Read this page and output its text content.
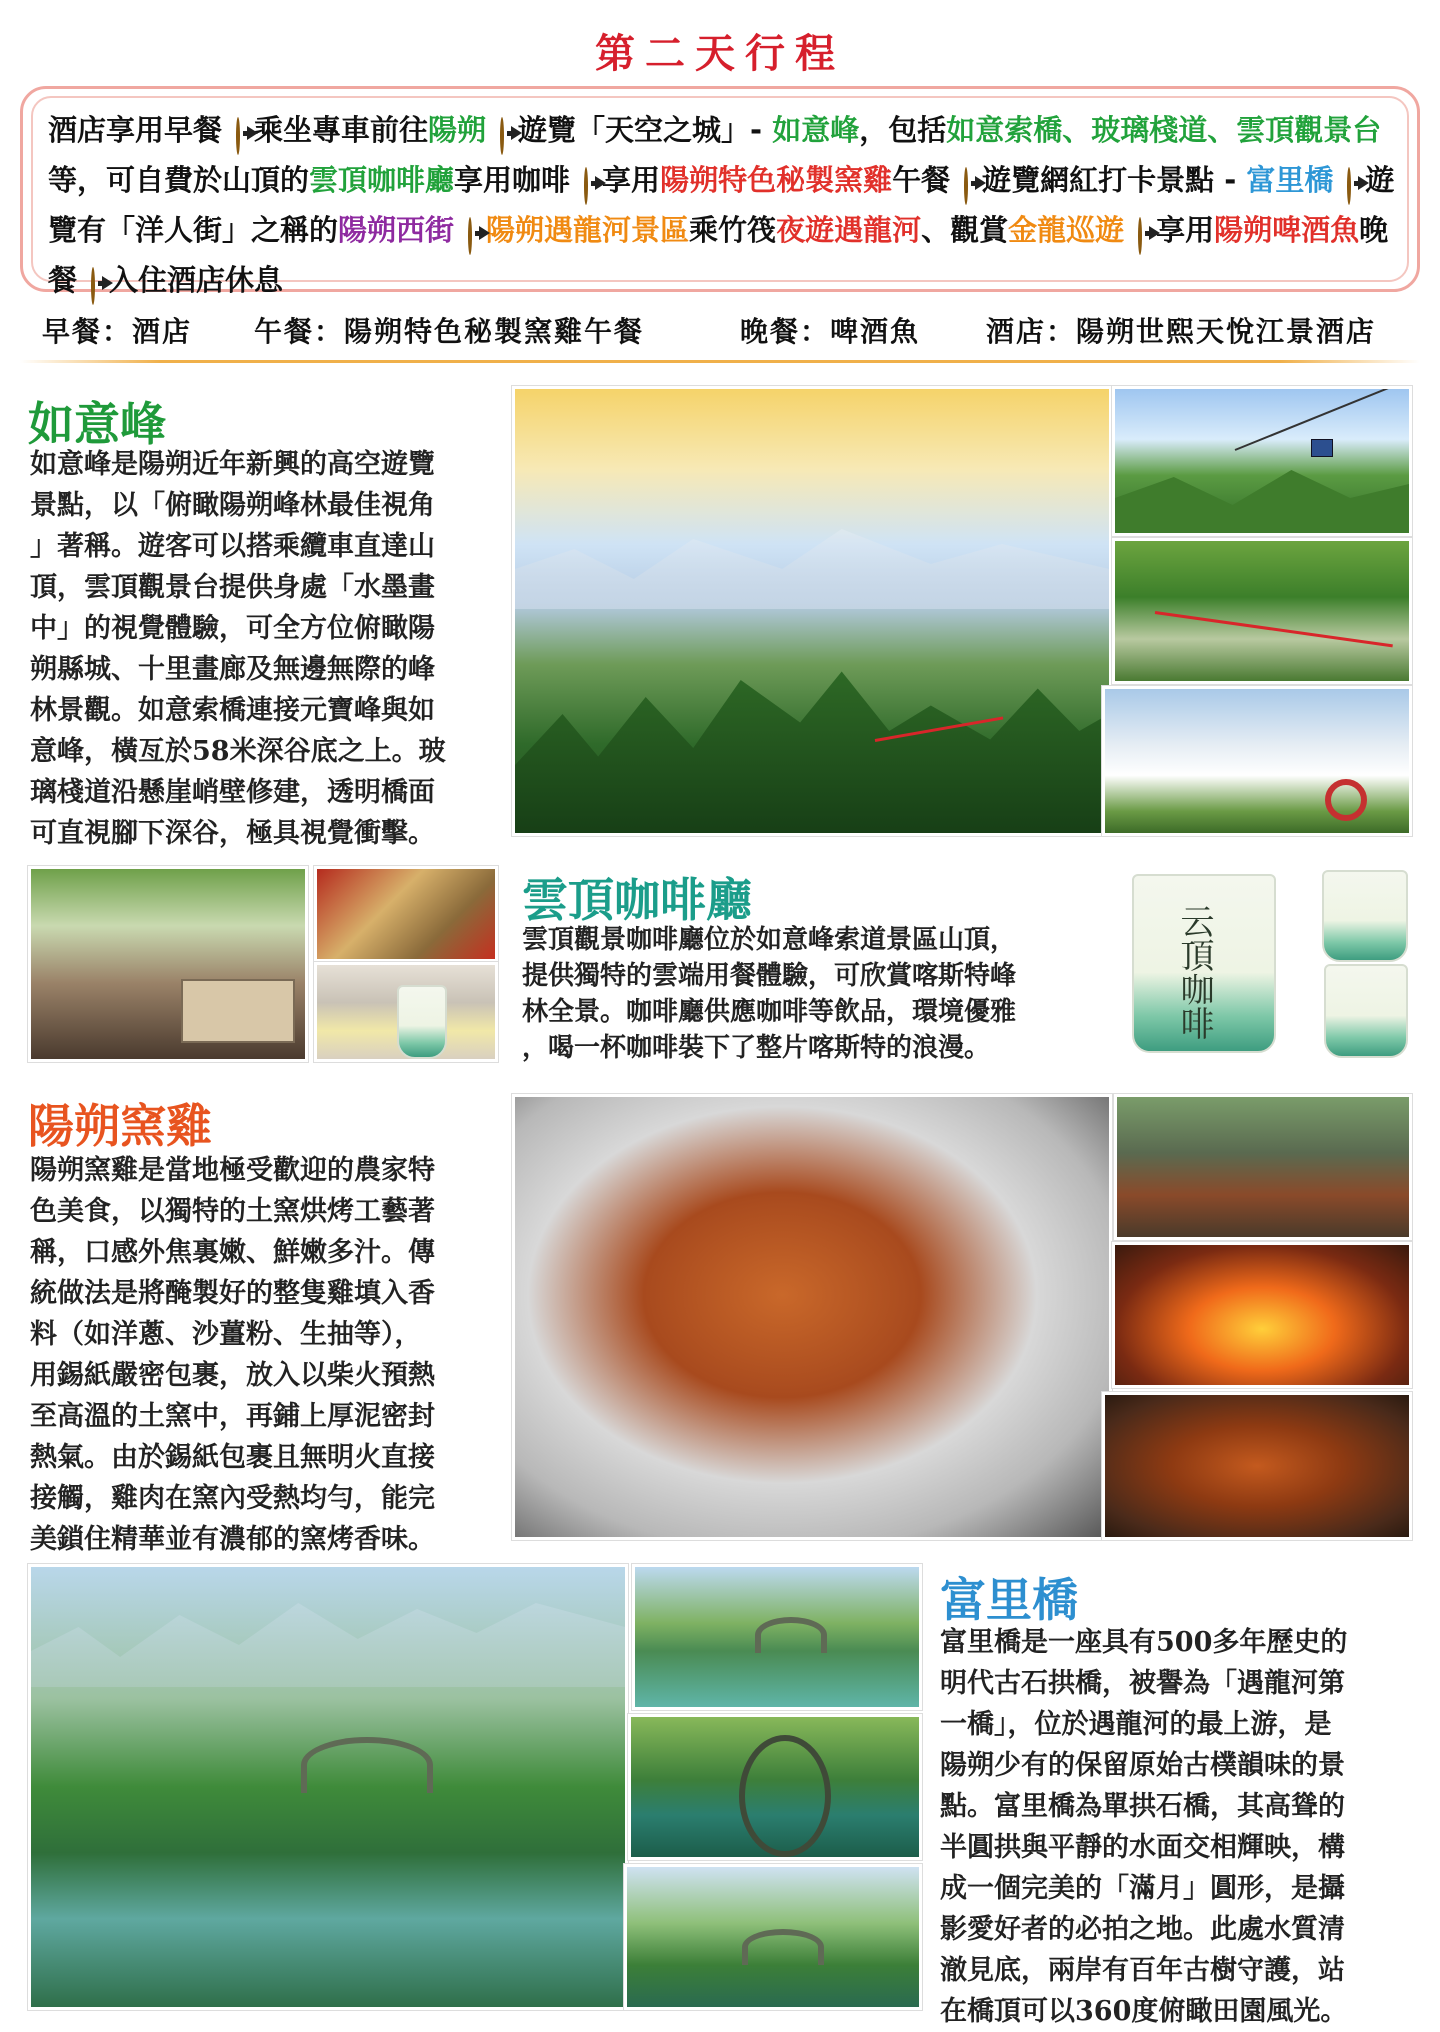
第二天行程
酒店享用早餐 乘坐專車前往陽朔 遊覽「天空之城」- 如意峰，包括如意索橋、玻璃棧道、雲頂觀景台等，可自費於山頂的雲頂咖啡廳享用咖啡 享用陽朔特色秘製窯雞午餐 遊覽網紅打卡景點 - 富里橋 遊覽有「洋人街」之稱的陽朔西街 陽朔遇龍河景區乘竹筏夜遊遇龍河、觀賞金龍巡遊 享用陽朔啤酒魚晚餐 入住酒店休息
早餐：酒店 午餐：陽朔特色秘製窯雞午餐	晚餐：啤酒魚 酒店：陽朔世熙天悅江景酒店
如意峰
如意峰是陽朔近年新興的高空遊覽
景點，以「俯瞰陽朔峰林最佳視角
」著稱。遊客可以搭乘纜車直達山
頂，雲頂觀景台提供身處「水墨畫
中」的視覺體驗，可全方位俯瞰陽
朔縣城、十里畫廊及無邊無際的峰
林景觀。如意索橋連接元寶峰與如
意峰，橫亙於58米深谷底之上。玻
璃棧道沿懸崖峭壁修建，透明橋面
可直視腳下深谷，極具視覺衝擊。
雲頂咖啡廳
雲頂觀景咖啡廳位於如意峰索道景區山頂，
提供獨特的雲端用餐體驗，可欣賞喀斯特峰
林全景。咖啡廳供應咖啡等飲品，環境優雅
，喝一杯咖啡裝下了整片喀斯特的浪漫。
云頂咖啡
陽朔窯雞
陽朔窯雞是當地極受歡迎的農家特
色美食，以獨特的土窯烘烤工藝著
稱，口感外焦裏嫩、鮮嫩多汁。傳
統做法是將醃製好的整隻雞填入香
料（如洋蔥、沙薑粉、生抽等），
用錫紙嚴密包裹，放入以柴火預熱
至高溫的土窯中，再鋪上厚泥密封
熱氣。由於錫紙包裹且無明火直接
接觸，雞肉在窯內受熱均勻，能完
美鎖住精華並有濃郁的窯烤香味。
富里橋
富里橋是一座具有500多年歷史的
明代古石拱橋，被譽為「遇龍河第
一橋」，位於遇龍河的最上游，是
陽朔少有的保留原始古樸韻味的景
點。富里橋為單拱石橋，其高聳的
半圓拱與平靜的水面交相輝映，構
成一個完美的「滿月」圓形，是攝
影愛好者的必拍之地。此處水質清
澈見底，兩岸有百年古樹守護，站
在橋頂可以360度俯瞰田園風光。
